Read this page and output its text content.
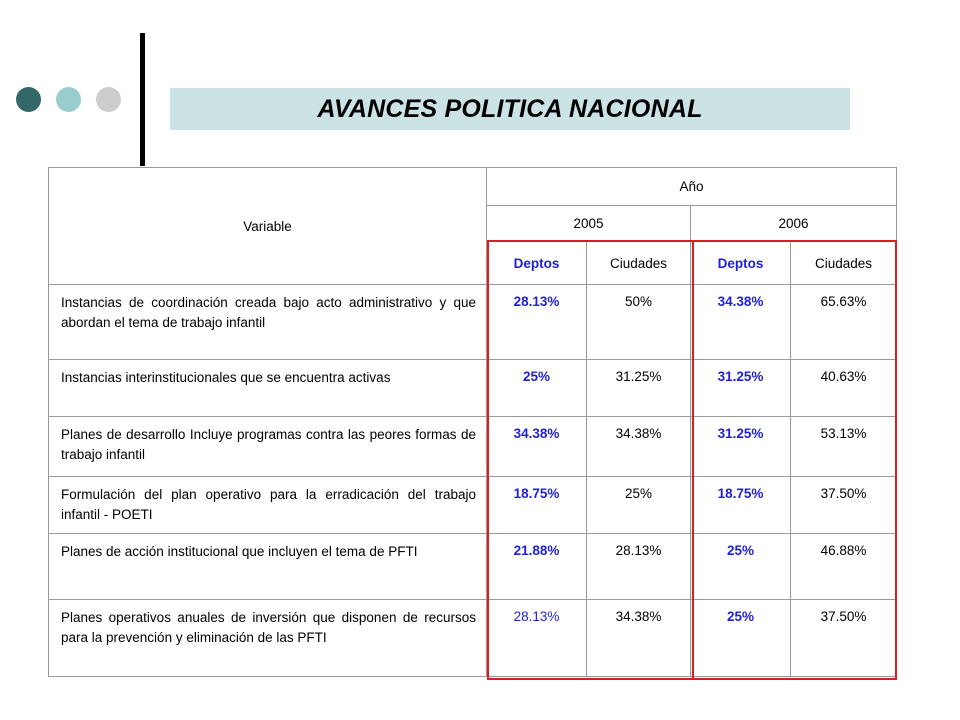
AVANCES POLITICA NACIONAL
Variable	Año			
	2005		2006	
	Deptos	Ciudades	Deptos	Ciudades
Instancias de coordinación creada bajo acto administrativo y que abordan el tema de trabajo infantil	28.13%	50%	34.38%	65.63%
Instancias interinstitucionales que se encuentra activas	25%	31.25%	31.25%	40.63%
Planes de desarrollo Incluye programas contra las peores formas de trabajo infantil	34.38%	34.38%	31.25%	53.13%
Formulación del plan operativo para la erradicación del trabajo infantil - POETI	18.75%	25%	18.75%	37.50%
Planes de acción institucional que incluyen el tema de PFTI	21.88%	28.13%	25%	46.88%
Planes operativos anuales de inversión que disponen de recursos para la prevención y eliminación de las PFTI	28.13%	34.38%	25%	37.50%
